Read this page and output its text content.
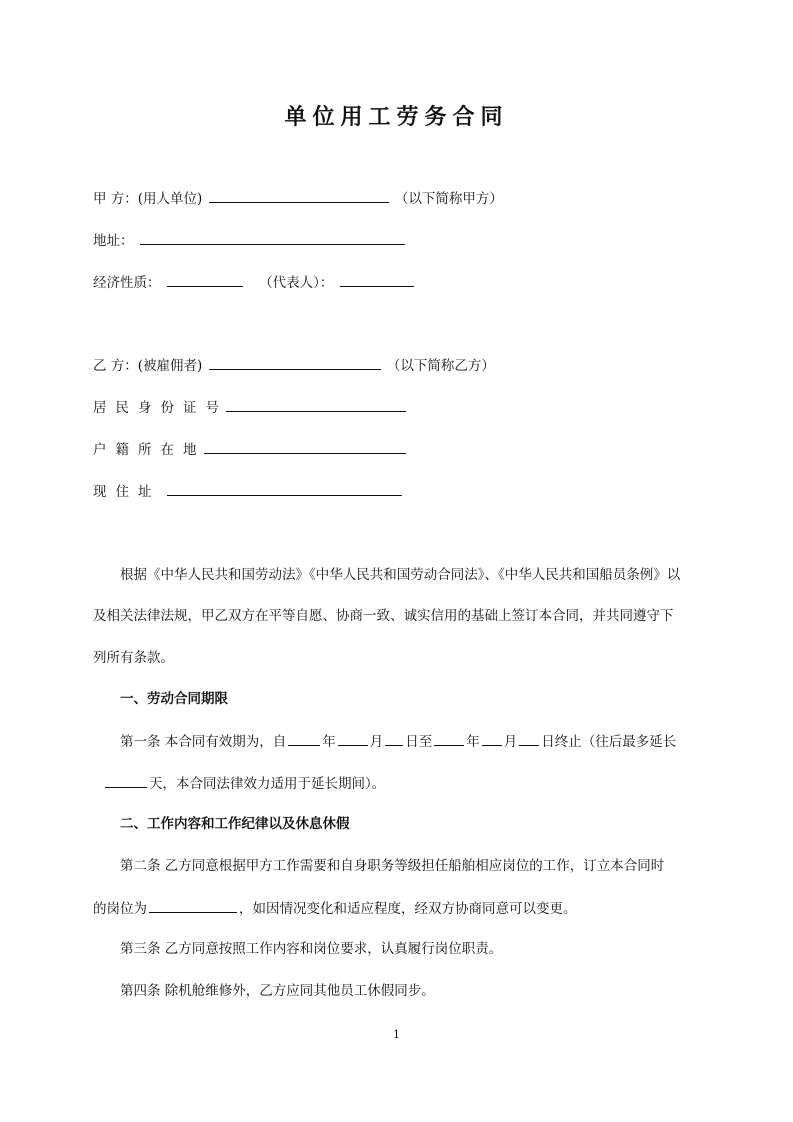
单位用工劳务合同
甲 方：(用人单位)	（以下简称甲方）
地址：
经济性质：	（代表人）：
乙 方：(被雇佣者)	（以下简称乙方）
居民身份证号
户籍所在地
现住址
根据《中华人民共和国劳动法》《中华人民共和国劳动合同法》、《中华人民共和国船员条例》以
及相关法律法规，甲乙双方在平等自愿、协商一致、诚实信用的基础上签订本合同，并共同遵守下
列所有条款。
一、劳动合同期限
第一条 本合同有效期为，自	年	月 日至	年 月 日终止（往后最多延长
天，本合同法律效力适用于延长期间）。
二、工作内容和工作纪律以及休息休假
第二条 乙方同意根据甲方工作需要和自身职务等级担任船舶相应岗位的工作，订立本合同时
的岗位为	，如因情况变化和适应程度，经双方协商同意可以变更。
第三条 乙方同意按照工作内容和岗位要求，认真履行岗位职责。
第四条 除机舱维修外，乙方应同其他员工休假同步。
1
